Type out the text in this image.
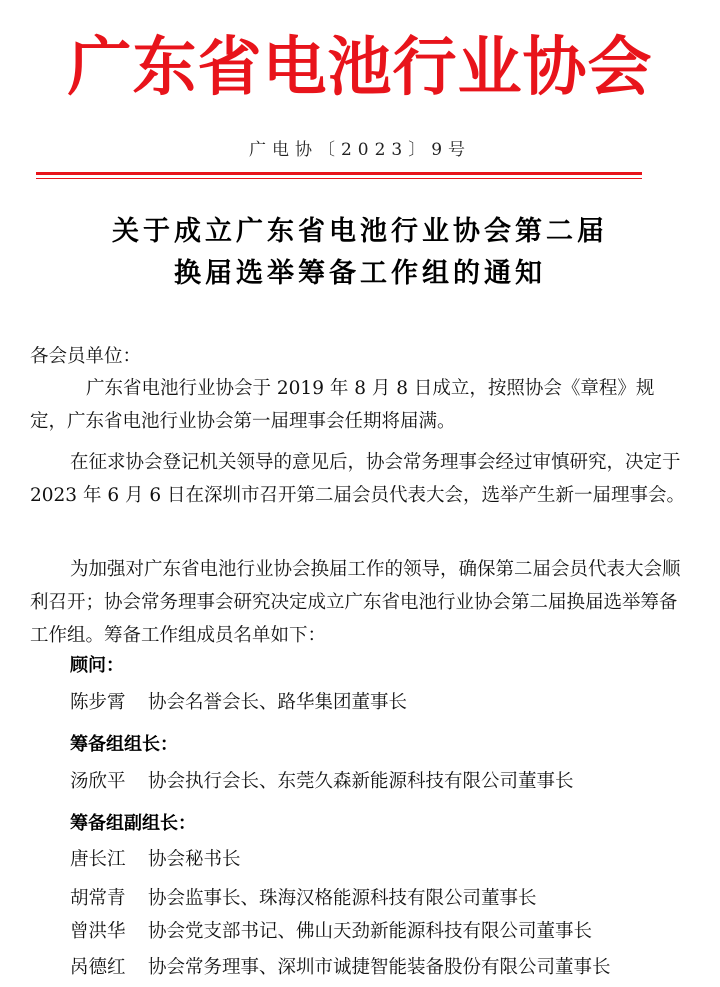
广东省电池行业协会
广电协〔2023〕9号
关于成立广东省电池行业协会第二届
换届选举筹备工作组的通知
各会员单位：
广东省电池行业协会于 2019 年 8 月 8 日成立，按照协会《章程》规定，广东省电池行业协会第一届理事会任期将届满。
在征求协会登记机关领导的意见后，协会常务理事会经过审慎研究，决定于 2023 年 6 月 6 日在深圳市召开第二届会员代表大会，选举产生新一届理事会。
为加强对广东省电池行业协会换届工作的领导，确保第二届会员代表大会顺利召开；协会常务理事会研究决定成立广东省电池行业协会第二届换届选举筹备工作组。筹备工作组成员名单如下：
顾问：
陈步霄 协会名誉会长、路华集团董事长
筹备组组长：
汤欣平 协会执行会长、东莞久森新能源科技有限公司董事长
筹备组副组长：
唐长江 协会秘书长
胡常青 协会监事长、珠海汉格能源科技有限公司董事长
曾洪华 协会党支部书记、佛山天劲新能源科技有限公司董事长
呙德红 协会常务理事、深圳市诚捷智能装备股份有限公司董事长
